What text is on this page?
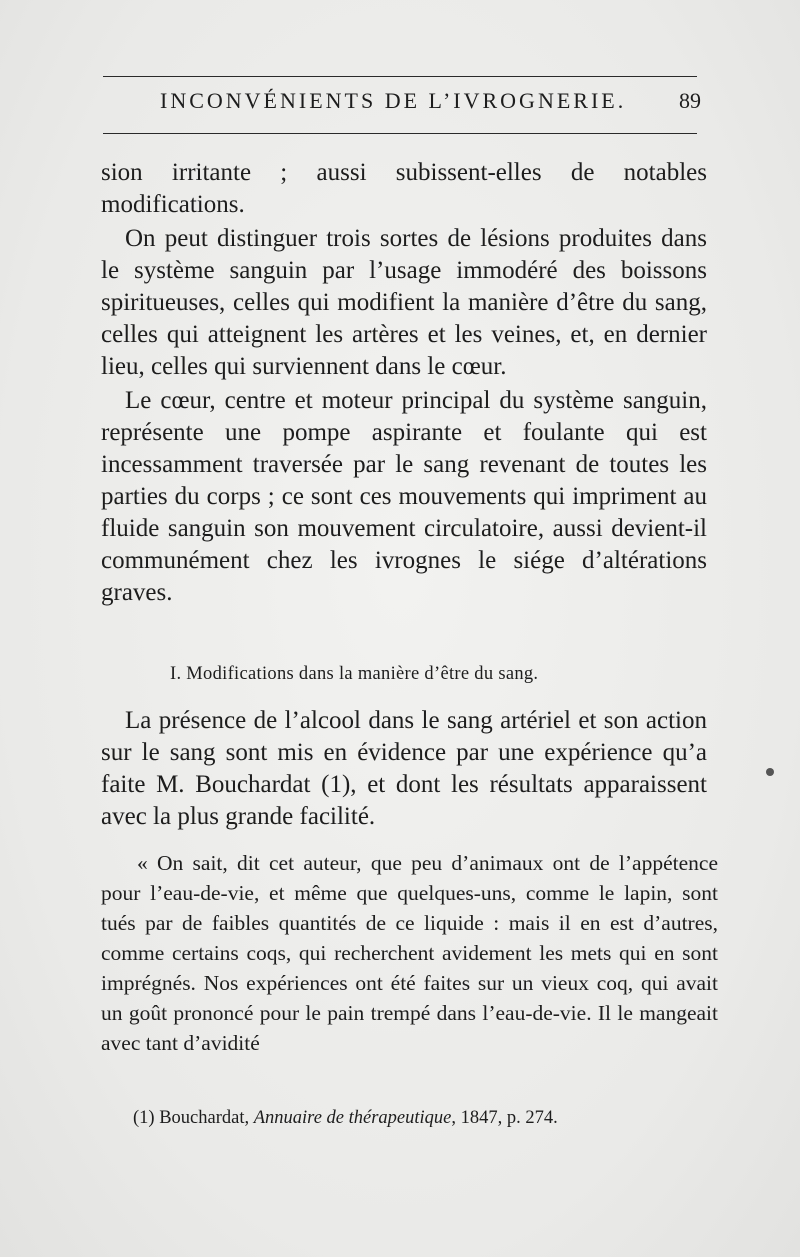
INCONVÉNIENTS DE L’IVROGNERIE. 89

sion irritante ; aussi subissent-elles de notables modifications.

On peut distinguer trois sortes de lésions produites dans le système sanguin par l’usage immodéré des boissons spiritueuses, celles qui modifient la manière d’être du sang, celles qui atteignent les artères et les veines, et, en dernier lieu, celles qui surviennent dans le cœur.

Le cœur, centre et moteur principal du système sanguin, représente une pompe aspirante et foulante qui est incessamment traversée par le sang revenant de toutes les parties du corps ; ce sont ces mouvements qui impriment au fluide sanguin son mouvement circulatoire, aussi devient-il communément chez les ivrognes le siége d’altérations graves.

I. Modifications dans la manière d’être du sang.

La présence de l’alcool dans le sang artériel et son action sur le sang sont mis en évidence par une expérience qu’a faite M. Bouchardat (1), et dont les résultats apparaissent avec la plus grande facilité.

« On sait, dit cet auteur, que peu d’animaux ont de l’appétence pour l’eau-de-vie, et même que quelques-uns, comme le lapin, sont tués par de faibles quantités de ce liquide : mais il en est d’autres, comme certains coqs, qui recherchent avidement les mets qui en sont imprégnés. Nos expériences ont été faites sur un vieux coq, qui avait un goût prononcé pour le pain trempé dans l’eau-de-vie. Il le mangeait avec tant d’avidité

(1) Bouchardat, Annuaire de thérapeutique, 1847, p. 274.
